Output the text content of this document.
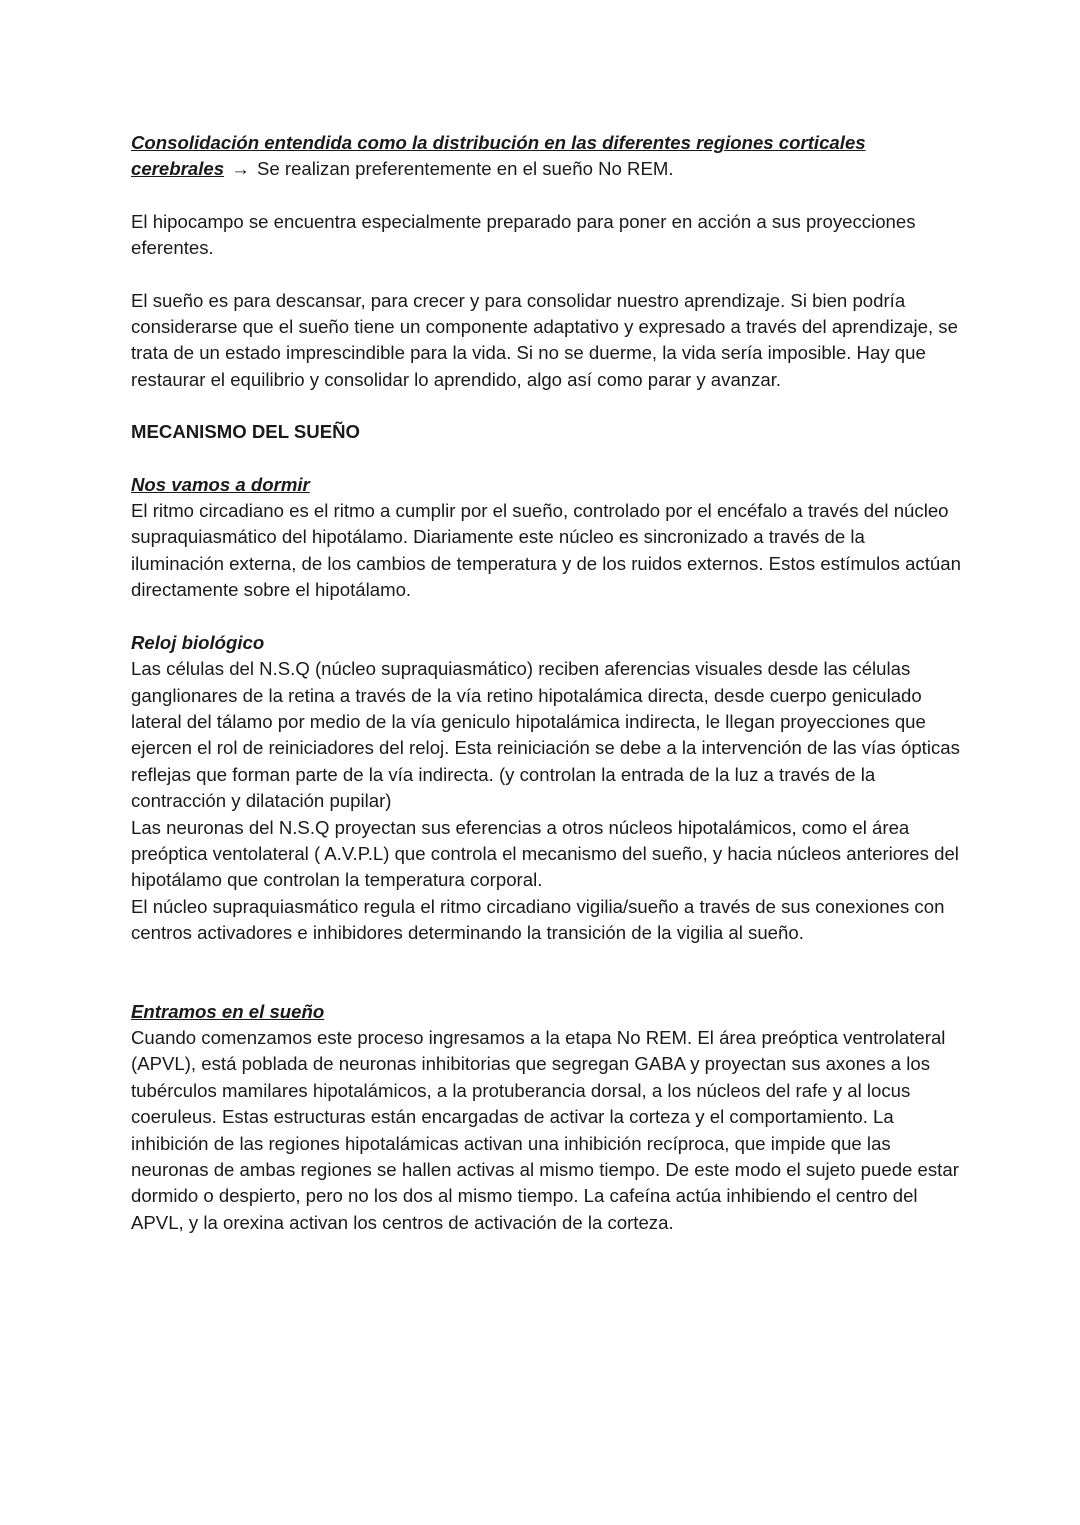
Consolidación entendida como la distribución en las diferentes regiones corticales cerebrales → Se realizan preferentemente en el sueño No REM.

El hipocampo se encuentra especialmente preparado para poner en acción a sus proyecciones eferentes.

El sueño es para descansar, para crecer y para consolidar nuestro aprendizaje. Si bien podría considerarse que el sueño tiene un componente adaptativo y expresado a través del aprendizaje, se trata de un estado imprescindible para la vida. Si no se duerme, la vida sería imposible. Hay que restaurar el equilibrio y consolidar lo aprendido, algo así como parar y avanzar.

MECANISMO DEL SUEÑO

Nos vamos a dormir

El ritmo circadiano es el ritmo a cumplir por el sueño, controlado por el encéfalo a través del núcleo supraquiasmático del hipotálamo. Diariamente este núcleo es sincronizado a través de la iluminación externa, de los cambios de temperatura y de los ruidos externos. Estos estímulos actúan directamente sobre el hipotálamo.

Reloj biológico

Las células del N.S.Q (núcleo supraquiasmático) reciben aferencias visuales desde las células ganglionares de la retina a través de la vía retino hipotalámica directa, desde cuerpo geniculado lateral del tálamo por medio de la vía geniculo hipotalámica indirecta, le llegan proyecciones que ejercen el rol de reiniciadores del reloj. Esta reiniciación se debe a la intervención de las vías ópticas reflejas que forman parte de la vía indirecta. (y controlan la entrada de la luz a través de la contracción y dilatación pupilar)

Las neuronas del N.S.Q proyectan sus eferencias a otros núcleos hipotalámicos, como el área preóptica ventolateral ( A.V.P.L) que controla el mecanismo del sueño, y hacia núcleos anteriores del hipotálamo que controlan la temperatura corporal.

El núcleo supraquiasmático regula el ritmo circadiano vigilia/sueño a través de sus conexiones con centros activadores e inhibidores determinando la transición de la vigilia al sueño.

Entramos en el sueño

Cuando comenzamos este proceso ingresamos a la etapa No REM. El área preóptica ventrolateral (APVL), está poblada de neuronas inhibitorias que segregan GABA y proyectan sus axones a los tubérculos mamilares hipotalámicos, a la protuberancia dorsal, a los núcleos del rafe y al locus coeruleus. Estas estructuras están encargadas de activar la corteza y el comportamiento. La inhibición de las regiones hipotalámicas activan una inhibición recíproca, que impide que las neuronas de ambas regiones se hallen activas al mismo tiempo. De este modo el sujeto puede estar dormido o despierto, pero no los dos al mismo tiempo. La cafeína actúa inhibiendo el centro del APVL, y la orexina activan los centros de activación de la corteza.
